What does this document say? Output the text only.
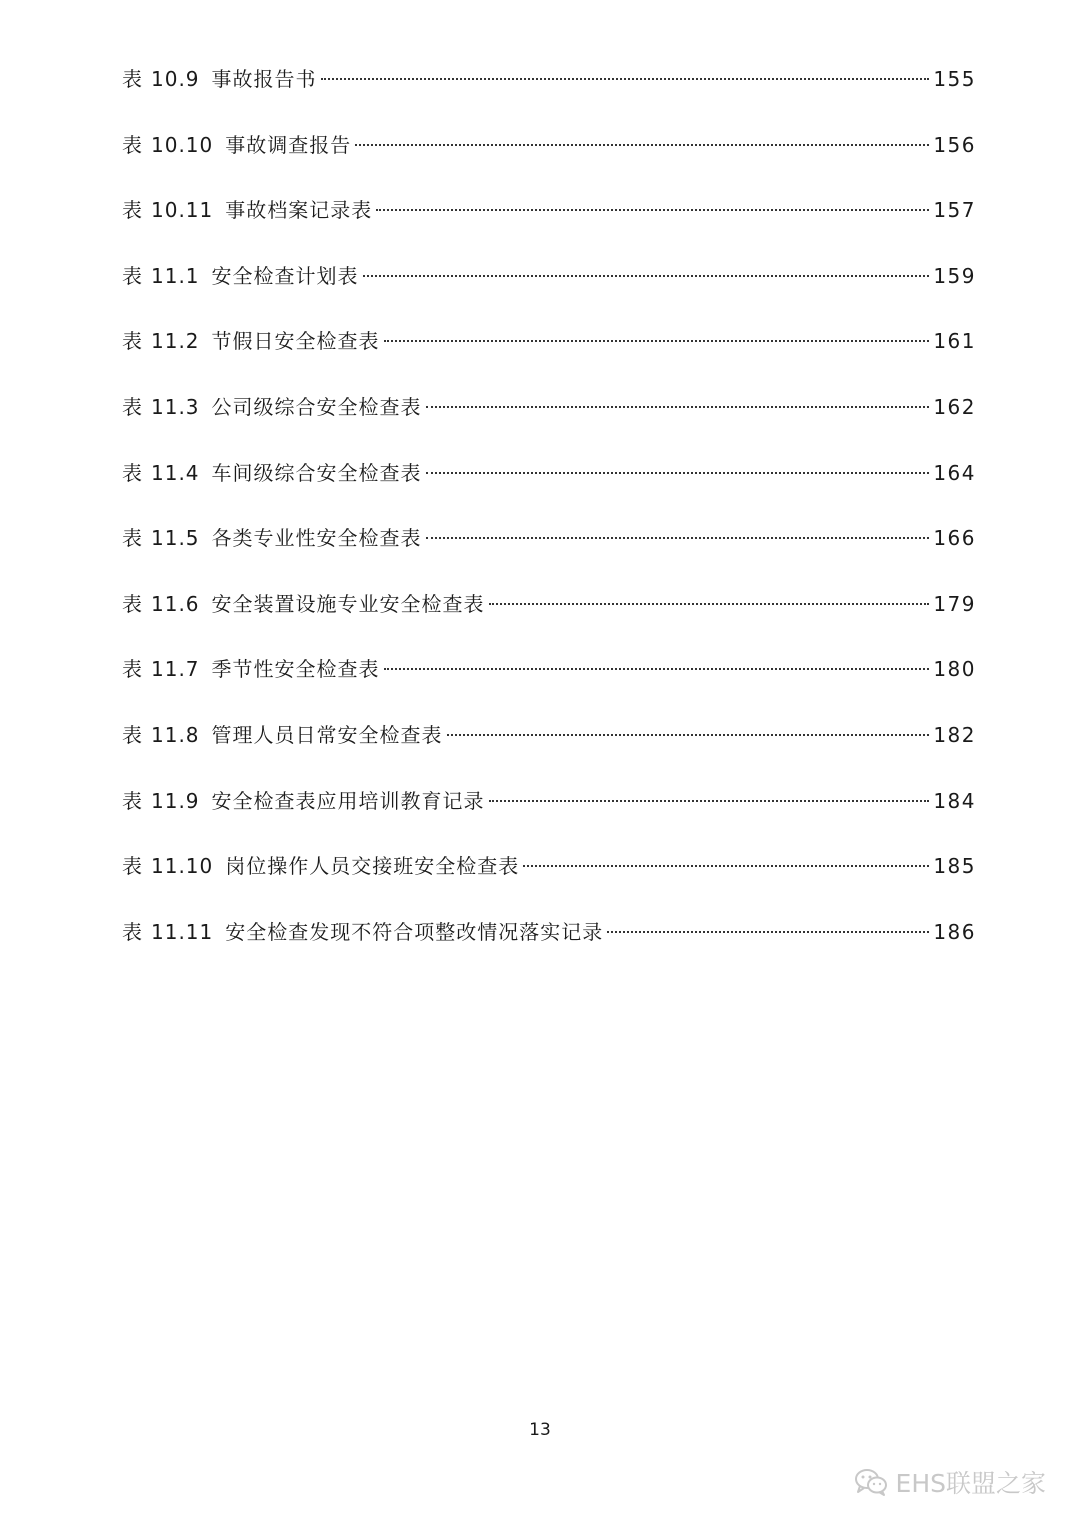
表 10.9 事故报告书	155
表 10.10 事故调查报告	156
表 10.11 事故档案记录表	157
表 11.1 安全检查计划表	159
表 11.2 节假日安全检查表	161
表 11.3 公司级综合安全检查表	162
表 11.4 车间级综合安全检查表	164
表 11.5 各类专业性安全检查表	166
表 11.6 安全装置设施专业安全检查表	179
表 11.7 季节性安全检查表	180
表 11.8 管理人员日常安全检查表	182
表 11.9 安全检查表应用培训教育记录	184
表 11.10 岗位操作人员交接班安全检查表	185
表 11.11 安全检查发现不符合项整改情况落实记录	186
13
EHS联盟之家
